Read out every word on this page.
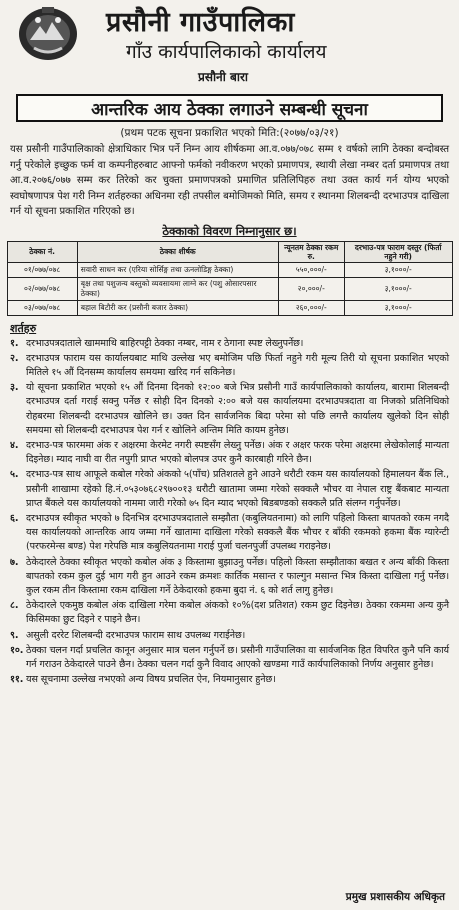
प्रसौनी गाउँपालिका
गाँउ कार्यपालिकाको कार्यालय
प्रसौनी बारा
आन्तरिक आय ठेक्का लगाउने सम्बन्धी सूचना
(प्रथम पटक सूचना प्रकाशित भएको मिति:(२०७७/०३/२१)
यस प्रसौनी गाउँपालिकाको क्षेत्राधिकार भित्र पर्ने निम्न आय शीर्षकमा आ.व.०७७/०७८ सम्म १ वर्षको लागि ठेक्का बन्दोबस्त गर्नु परेकोले इच्छुक फर्म वा कम्पनीहरुबाट आफ्नो फर्मको नवीकरण भएको प्रमाणपत्र, स्थायी लेखा नम्बर दर्ता प्रमाणपत्र तथा आ.व.२०७६/०७७ सम्म कर तिरेको कर चुक्ता प्रमाणपत्रको प्रमाणित प्रतिलिपिहरु तथा उक्त कार्य गर्न योग्य भएको स्वघोषणापत्र पेश गरी निम्न शर्तहरुका अधिनमा रही तपसील बमोजिमको मिति, समय र स्थानमा शिलबन्दी दरभाउपत्र दाखिला गर्न यो सूचना प्रकाशित गरिएको छ।
ठेक्काको विवरण निम्नानुसार छ।
ठेक्का नं.	ठेक्का शीर्षक	न्यूनतम ठेक्का रकम रु.	दरभाउ-पत्र फाराम दस्तुर (फिर्ता नहुने गरी)
०१/०७७/०७८	सवारी साधन कर (एरिया सोर्सिङ्ग तथा ऊनलोडिङ्ग ठेक्का)	५५०,०००/-	३,१०००/-
०२/०७७/०७८	बृक्ष तथा पशुजन्य बस्तुको व्यवसायमा लाग्ने कर (पशु ओसारपसार ठेक्का)	२०,०००/-	३,१०००/-
०३/०७७/०७८	बहाल बिटौरी कर (प्रसौनी बजार ठेक्का)	२६०,०००/-	३,१०००/-
शर्तहरु
१. दरभाउपत्रदाताले खाममाथि बाहिरपट्टी ठेक्का नम्बर, नाम र ठेगाना स्पष्ट लेख्नुपर्नेछ।
२. दरभाउपत्र फाराम यस कार्यालयबाट माथि उल्लेख भए बमोजिम पछि फिर्ता नहुने गरी मूल्य तिरी यो सूचना प्रकाशित भएको मितिले १५ औं दिनसम्म कार्यालय समयमा खरिद गर्न सकिनेछ।
३. यो सूचना प्रकाशित भएको १५ औं दिनमा दिनको १२:०० बजे भित्र प्रसौनी गाउँ कार्यपालिकाको कार्यालय, बारामा शिलबन्दी दरभाउपत्र दर्ता गराई सक्नु पर्नेछ र सोही दिन दिनको २:०० बजे यस कार्यालयमा दरभाउपत्रदाता वा निजको प्रतिनिधिको रोहबरमा शिलबन्दी दरभाउपत्र खोलिने छ। उक्त दिन सार्वजनिक बिदा परेमा सो पछि लगत्तै कार्यालय खुलेको दिन सोही समयमा सो शिलबन्दी दरभाउपत्र पेश गर्न र खोलिने अन्तिम मिति कायम हुनेछ।
४. दरभाउ-पत्र फारममा अंक र अक्षरमा केरमेट नगरी स्पष्टसँग लेख्नु पर्नेछ। अंक र अक्षर फरक परेमा अक्षरमा लेखेकोलाई मान्यता दिइनेछ। म्याद नाघी वा रीत नपुगी प्राप्त भएको बोलपत्र उपर कुनै कारबाही गरिने छैन।
५. दरभाउ-पत्र साथ आफूले कबोल गरेको अंकको ५(पाँच) प्रतिशतले हुने आउने धरौटी रकम यस कार्यालयको हिमालयन बैंक लि., प्रसौनी शाखामा रहेको हि.नं.०५३०७६८२९७००१३ धरौटी खातामा जम्मा गरेको सक्कलै भौचर वा नेपाल राष्ट्र बैंकबाट मान्यता प्राप्त बैंकले यस कार्यालयको नाममा जारी गरेको ७५ दिन म्याद भएको बिडबण्डको सक्कलै प्रति संलग्न गर्नुपर्नेछ।
६. दरभाउपत्र स्वीकृत भएको ७ दिनभित्र दरभाउपत्रदाताले सम्झौता (कबुलियतनामा) को लागि पहिलो किस्ता बापतको रकम नगदै यस कार्यालयको आन्तरिक आय जम्मा गर्ने खातामा दाखिला गरेको सक्कलै बैंक भौचर र बाँकी रकमको हकमा बैंक ग्यारेन्टी (परफरमेन्स बण्ड) पेश गरेपछि मात्र कबुलियतनामा गराई पुर्जा चलनपुर्जी उपलब्ध गराइनेछ।
७. ठेकेदारले ठेक्का स्वीकृत भएको कबोल अंक ३ किस्तामा बुझाउनु पर्नेछ। पहिलो किस्ता सम्झौताका बखत र अन्य बाँकी किस्ता बापतको रकम कुल दुई भाग गरी हुन आउने रकम क्रमशः कार्तिक मसान्त र फाल्गुन मसान्त भित्र किस्ता दाखिला गर्नु पर्नेछ। कुल रकम तीन किस्तामा रकम दाखिला गर्ने ठेकेदारको हकमा बुदा नं. ६ को शर्त लागु हुनेछ।
८. ठेकेदारले एकमुष्ठ कबोल अंक दाखिला गरेमा कबोल अंकको १०%(दश प्रतिशत) रकम छुट दिइनेछ। ठेक्का रकममा अन्य कुनै किसिमका छुट दिइने र पाइने छैन।
९. असुली दररेट शिलबन्दी दरभाउपत्र फाराम साथ उपलब्ध गराईनेछ।
१०. ठेक्का चलन गर्दा प्रचलित कानून अनुसार मात्र चलन गर्नुपर्ने छ। प्रसौनी गाउँपालिका वा सार्वजनिक हित विपरित कुनै पनि कार्य गर्न गराउन ठेकेदारले पाउने छैन। ठेक्का चलन गर्दा कुनै विवाद आएको खण्डमा गाउँ कार्यपालिकाको निर्णय अनुसार हुनेछ।
११. यस सूचनामा उल्लेख नभएको अन्य विषय प्रचलित ऐन, नियमानुसार हुनेछ।
प्रमुख प्रशासकीय अधिकृत
